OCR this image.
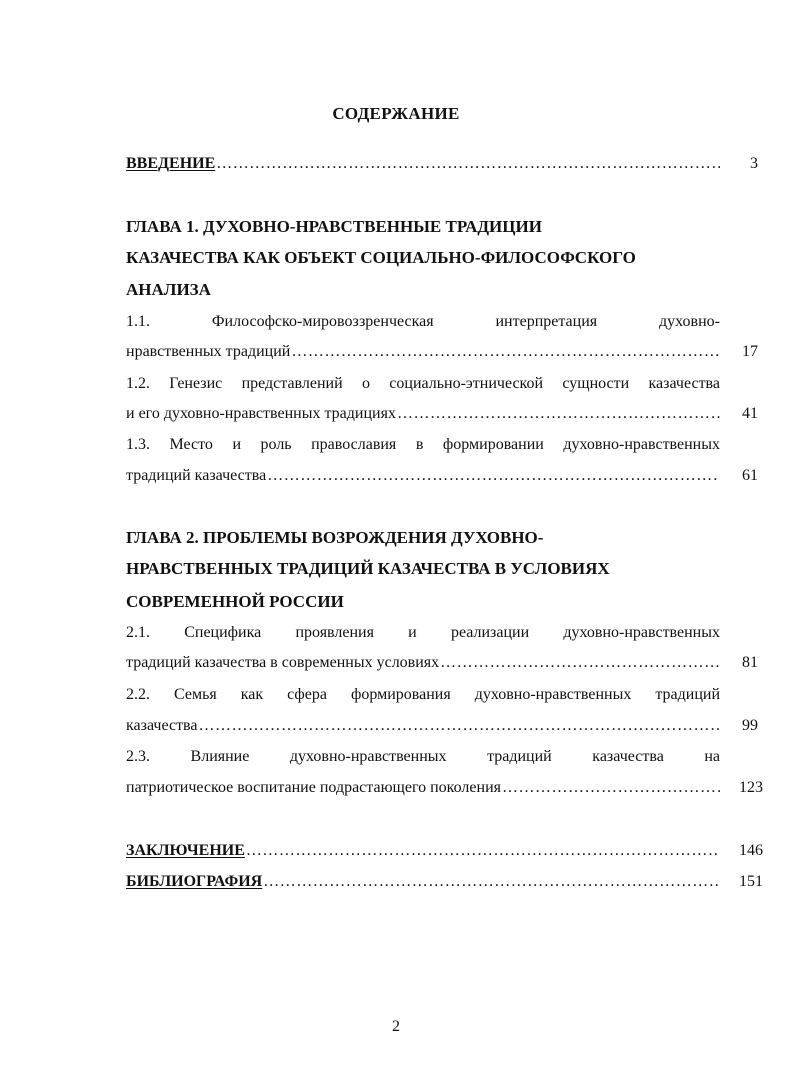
СОДЕРЖАНИЕ
ВВЕДЕНИЕ ……………………………………………………………………………………………………………………………………	3
ГЛАВА 1. ДУХОВНО-НРАВСТВЕННЫЕ ТРАДИЦИИ
КАЗАЧЕСТВА КАК ОБЪЕКТ СОЦИАЛЬНО-ФИЛОСОФСКОГО
АНАЛИЗА
1.1. Философско-мировоззренческая интерпретация духовно-
нравственных традиций ……………………………………………………………………………………………………………………………………	17
1.2. Генезис представлений о социально-этнической сущности казачества
и его духовно-нравственных традициях ……………………………………………………………………………………………………………………………………	41
1.3. Место и роль православия в формировании духовно-нравственных
традиций казачества ……………………………………………………………………………………………………………………………………	61
ГЛАВА 2. ПРОБЛЕМЫ ВОЗРОЖДЕНИЯ ДУХОВНО-
НРАВСТВЕННЫХ ТРАДИЦИЙ КАЗАЧЕСТВА В УСЛОВИЯХ
СОВРЕМЕННОЙ РОССИИ
2.1. Специфика проявления и реализации духовно-нравственных
традиций казачества в современных условиях ……………………………………………………………………………………………………………………………………	81
2.2. Семья как сфера формирования духовно-нравственных традиций
казачества ……………………………………………………………………………………………………………………………………	99
2.3. Влияние духовно-нравственных традиций казачества на
патриотическое воспитание подрастающего поколения ……………………………………………………………………………………………………………………………………	123
ЗАКЛЮЧЕНИЕ ……………………………………………………………………………………………………………………………………	146
БИБЛИОГРАФИЯ ……………………………………………………………………………………………………………………………………	151
2
